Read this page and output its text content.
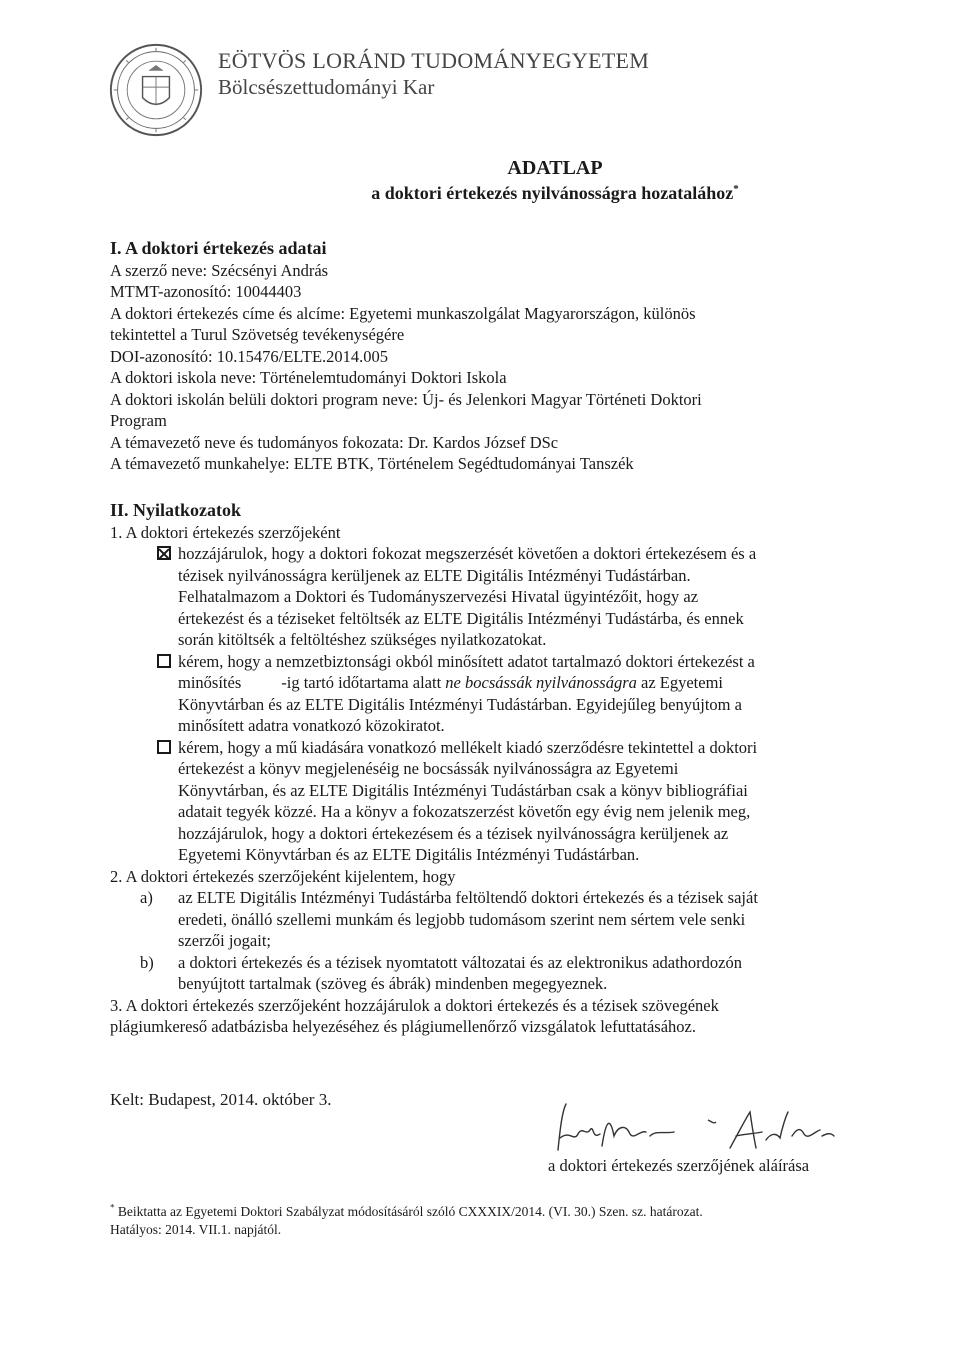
EÖTVÖS LORÁND TUDOMÁNYEGYETEM
Bölcsészettudományi Kar
ADATLAP
a doktori értekezés nyilvánosságra hozatalához*
I. A doktori értekezés adatai
A szerző neve: Szécsényi András
MTMT-azonosító: 10044403
A doktori értekezés címe és alcíme: Egyetemi munkaszolgálat Magyarországon, különös
tekintettel a Turul Szövetség tevékenységére
DOI-azonosító: 10.15476/ELTE.2014.005
A doktori iskola neve: Történelemtudományi Doktori Iskola
A doktori iskolán belüli doktori program neve: Új- és Jelenkori Magyar Történeti Doktori
Program
A témavezető neve és tudományos fokozata: Dr. Kardos József DSc
A témavezető munkahelye: ELTE BTK, Történelem Segédtudományai Tanszék
II. Nyilatkozatok
1. A doktori értekezés szerzőjeként
hozzájárulok, hogy a doktori fokozat megszerzését követően a doktori értekezésem és a
tézisek nyilvánosságra kerüljenek az ELTE Digitális Intézményi Tudástárban.
Felhatalmazom a Doktori és Tudományszervezési Hivatal ügyintézőit, hogy az
értekezést és a téziseket feltöltsék az ELTE Digitális Intézményi Tudástárba, és ennek
során kitöltsék a feltöltéshez szükséges nyilatkozatokat.
kérem, hogy a nemzetbiztonsági okból minősített adatot tartalmazó doktori értekezést a
minősítés -ig tartó időtartama alatt ne bocsássák nyilvánosságra az Egyetemi
Könyvtárban és az ELTE Digitális Intézményi Tudástárban. Egyidejűleg benyújtom a
minősített adatra vonatkozó közokiratot.
kérem, hogy a mű kiadására vonatkozó mellékelt kiadó szerződésre tekintettel a doktori
értekezést a könyv megjelenéséig ne bocsássák nyilvánosságra az Egyetemi
Könyvtárban, és az ELTE Digitális Intézményi Tudástárban csak a könyv bibliográfiai
adatait tegyék közzé. Ha a könyv a fokozatszerzést követőn egy évig nem jelenik meg,
hozzájárulok, hogy a doktori értekezésem és a tézisek nyilvánosságra kerüljenek az
Egyetemi Könyvtárban és az ELTE Digitális Intézményi Tudástárban.
2. A doktori értekezés szerzőjeként kijelentem, hogy
a) az ELTE Digitális Intézményi Tudástárba feltöltendő doktori értekezés és a tézisek saját
eredeti, önálló szellemi munkám és legjobb tudomásom szerint nem sértem vele senki
szerzői jogait;
b) a doktori értekezés és a tézisek nyomtatott változatai és az elektronikus adathordozón
benyújtott tartalmak (szöveg és ábrák) mindenben megegyeznek.
3. A doktori értekezés szerzőjeként hozzájárulok a doktori értekezés és a tézisek szövegének
plágiumkereső adatbázisba helyezéséhez és plágiumellenőrző vizsgálatok lefuttatásához.
Kelt: Budapest, 2014. október 3.
a doktori értekezés szerzőjének aláírása
* Beiktatta az Egyetemi Doktori Szabályzat módosításáról szóló CXXXIX/2014. (VI. 30.) Szen. sz. határozat.
Hatályos: 2014. VII.1. napjától.
